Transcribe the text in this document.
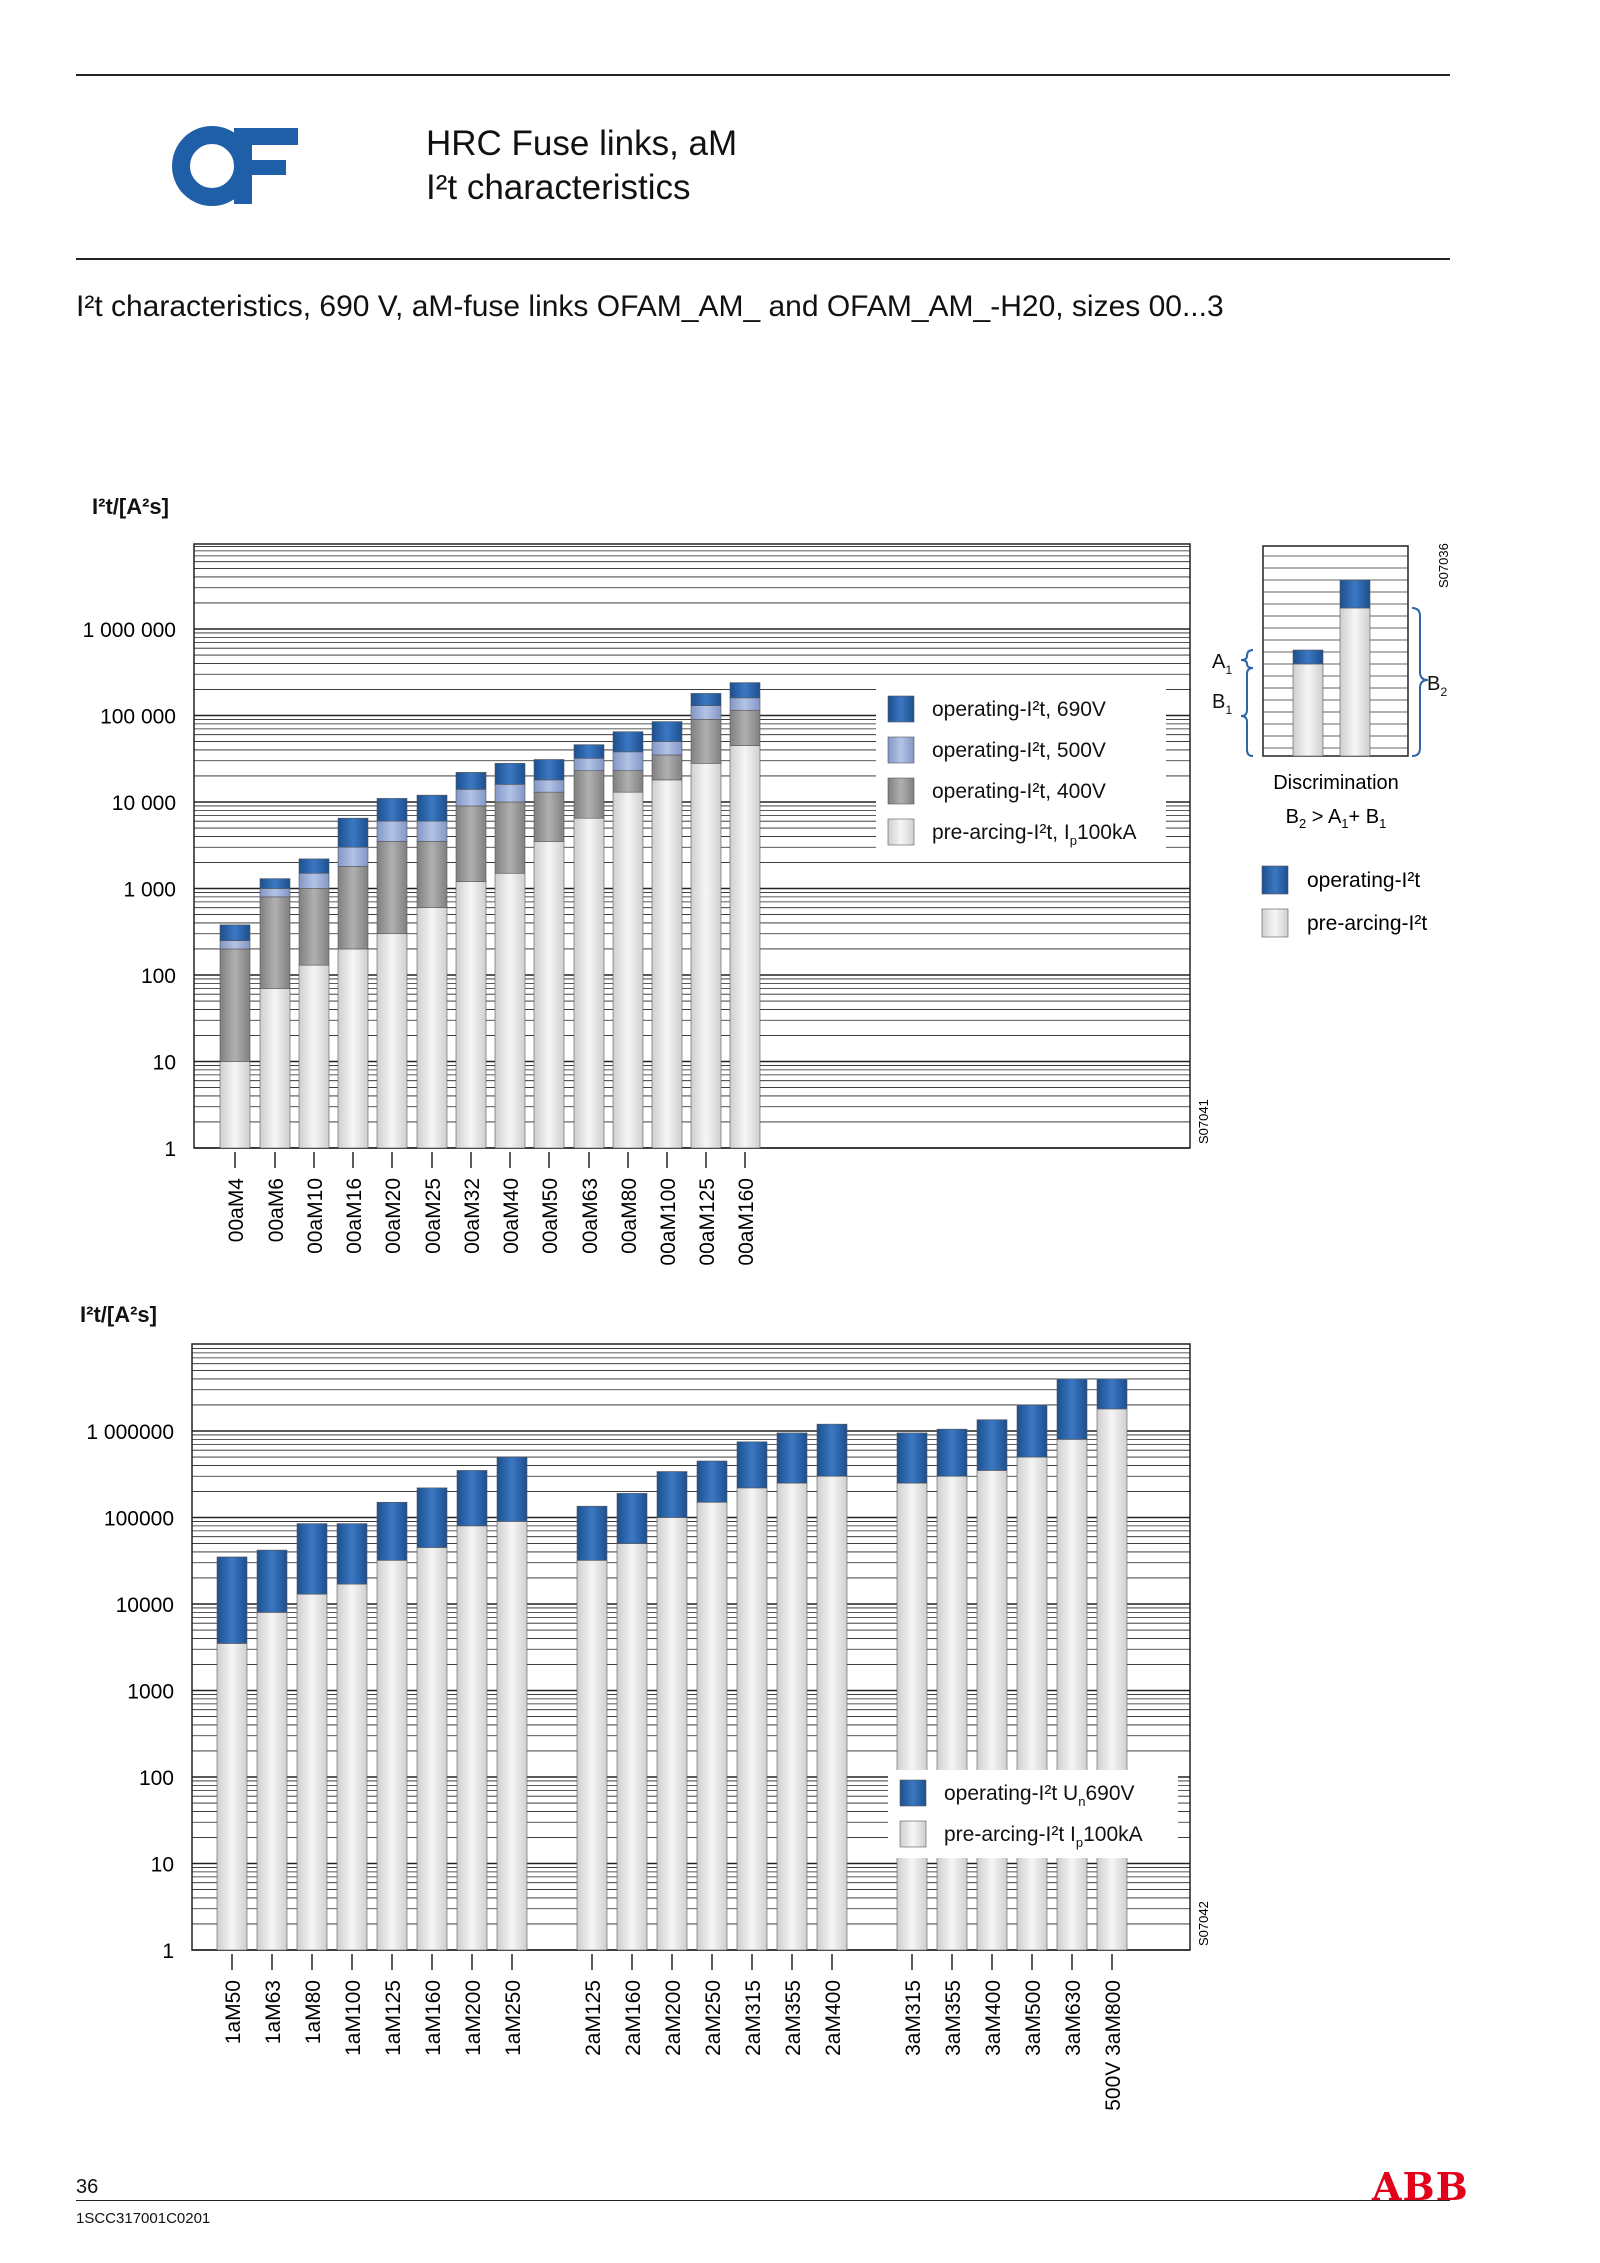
HRC Fuse links, aM
I²t characteristics
I²t characteristics, 690 V, aM-fuse links OFAM_AM_ and OFAM_AM_-H20, sizes 00...3
I²t/[A²s]
I²t/[A²s]
1
10
100
1 000
10 000
100 000
1 000 000
00aM4 00aM6 00aM10 00aM16 00aM20 00aM25 00aM32 00aM40 00aM50 00aM63 00aM80 00aM100 00aM125 00aM160
S07041
operating-I²t, 690V
operating-I²t, 500V
operating-I²t, 400V
pre-arcing-I²t, $I_p100kA$
1
10
100
1000
10000
100000
1 000000
1aM50 1aM63 1aM80 1aM100 1aM125 1aM160 1aM200 1aM250	2aM125 2aM160 2aM200 2aM250 2aM315 2aM355 2aM400	3aM315 3aM355 3aM400 3aM500 3aM630 500V 3aM800
S07042
operating-I²t $U_n690V$
pre-arcing-I²t $I_p100kA$
$A_1$
$B_1$
$B_2$
S07036
Discrimination
$B_2 > A_1+ B_1$
operating-I²t
pre-arcing-I²t
36
1SCC317001C0201
ABB
